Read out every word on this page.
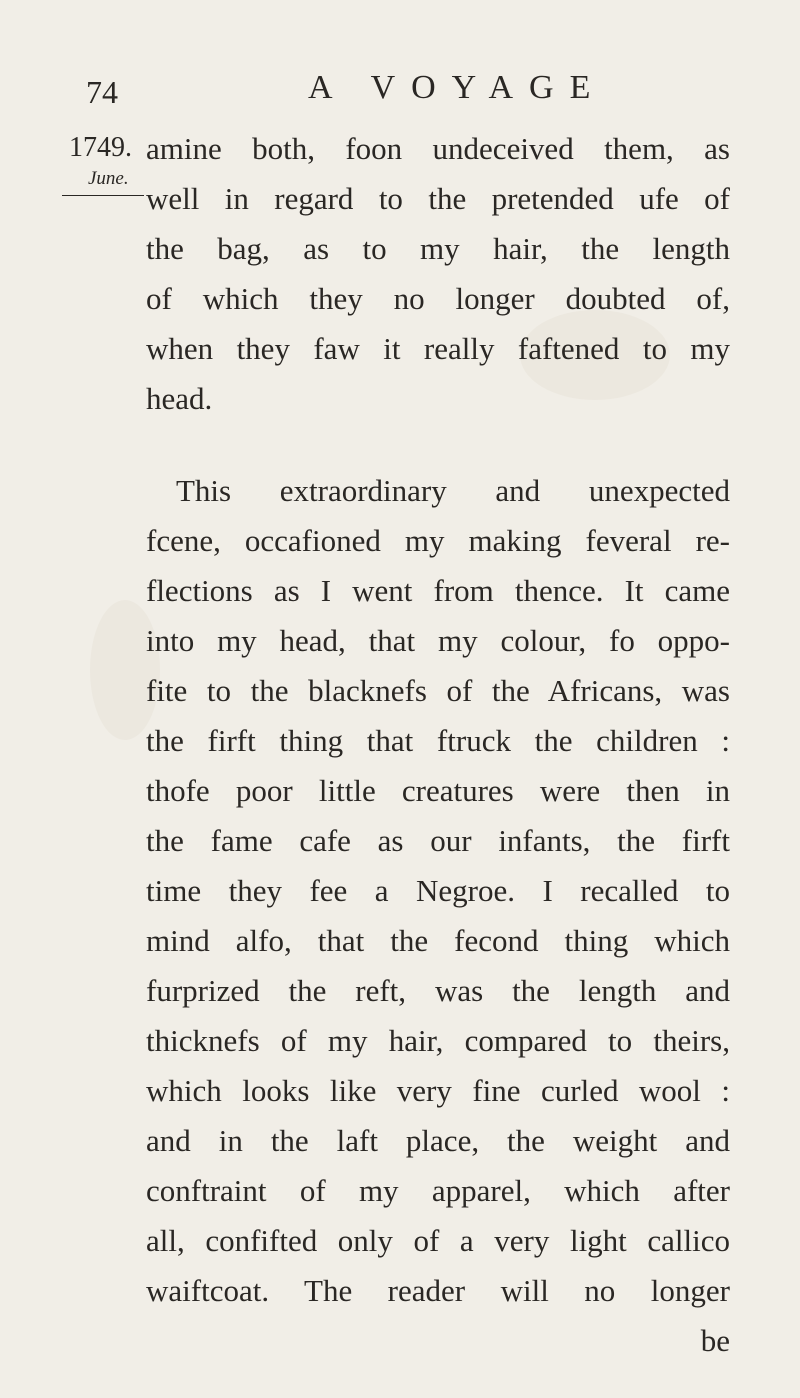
74	A VOYAGE
1749.
June.
amine both, foon undeceived them, as
well in regard to the pretended ufe of
the bag, as to my hair, the length
of which they no longer doubted of,
when they faw it really faftened to my
head.
This extraordinary and unexpected
fcene, occafioned my making feveral re-
flections as I went from thence. It came
into my head, that my colour, fo oppo-
fite to the blacknefs of the Africans, was
the firft thing that ftruck the children :
thofe poor little creatures were then in
the fame cafe as our infants, the firft
time they fee a Negroe. I recalled to
mind alfo, that the fecond thing which
furprized the reft, was the length and
thicknefs of my hair, compared to theirs,
which looks like very fine curled wool :
and in the laft place, the weight and
conftraint of my apparel, which after
all, confifted only of a very light callico
waiftcoat. The reader will no longer
be
